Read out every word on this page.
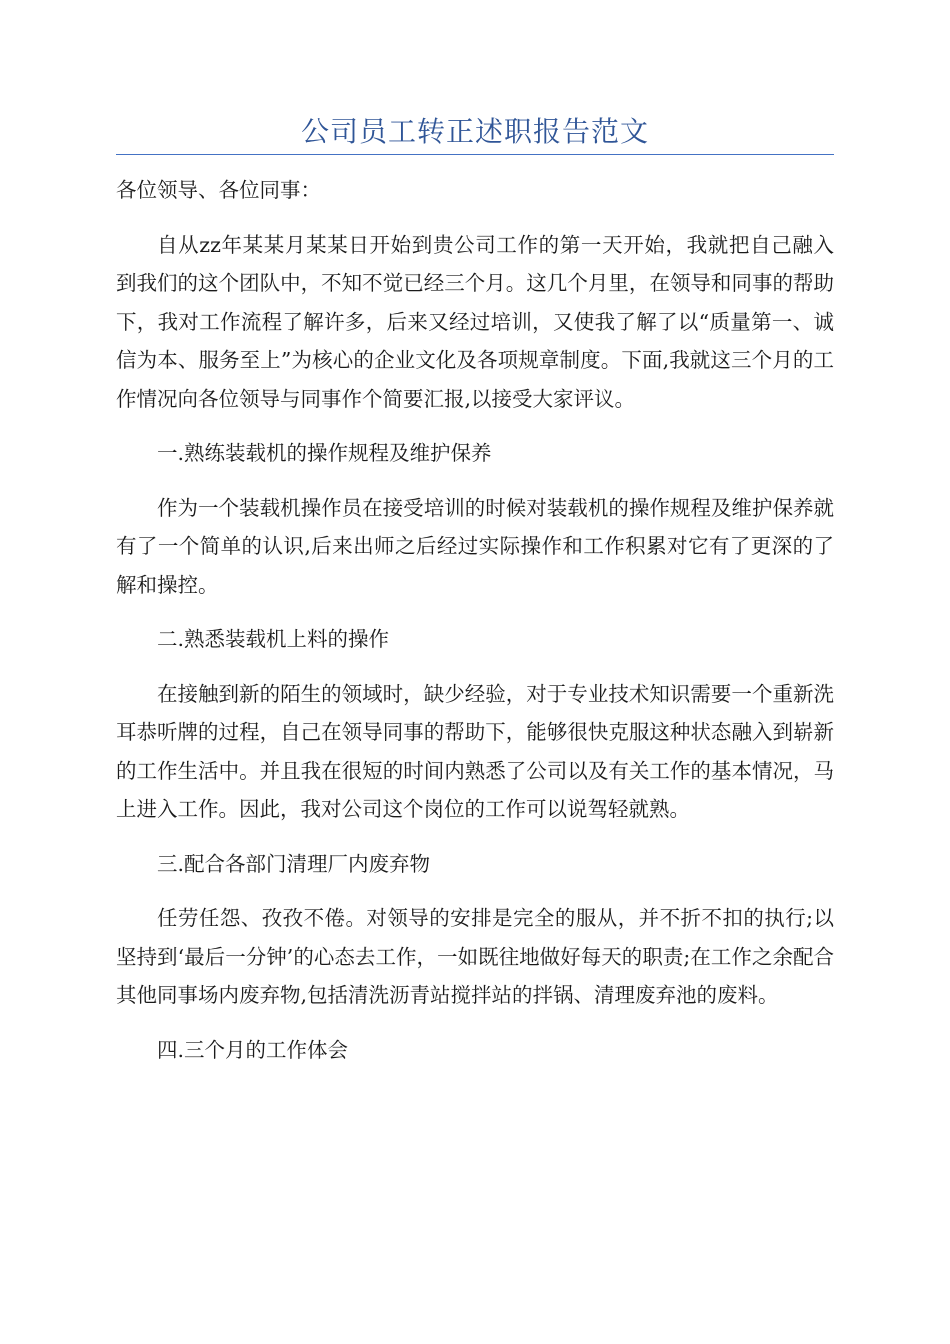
公司员工转正述职报告范文

各位领导、各位同事：

自从zz年某某月某某日开始到贵公司工作的第一天开始，我就把自己融入到我们的这个团队中，不知不觉已经三个月。这几个月里，在领导和同事的帮助下，我对工作流程了解许多，后来又经过培训，又使我了解了以“质量第一、诚信为本、服务至上”为核心的企业文化及各项规章制度。下面,我就这三个月的工作情况向各位领导与同事作个简要汇报,以接受大家评议。

一.熟练装载机的操作规程及维护保养

作为一个装载机操作员在接受培训的时候对装载机的操作规程及维护保养就有了一个简单的认识,后来出师之后经过实际操作和工作积累对它有了更深的了解和操控。

二.熟悉装载机上料的操作

在接触到新的陌生的领域时，缺少经验，对于专业技术知识需要一个重新洗耳恭听牌的过程，自己在领导同事的帮助下，能够很快克服这种状态融入到崭新的工作生活中。并且我在很短的时间内熟悉了公司以及有关工作的基本情况，马上进入工作。因此，我对公司这个岗位的工作可以说驾轻就熟。

三.配合各部门清理厂内废弃物

任劳任怨、孜孜不倦。对领导的安排是完全的服从，并不折不扣的执行;以坚持到‘最后一分钟’的心态去工作，一如既往地做好每天的职责;在工作之余配合其他同事场内废弃物,包括清洗沥青站搅拌站的拌锅、清理废弃池的废料。

四.三个月的工作体会
